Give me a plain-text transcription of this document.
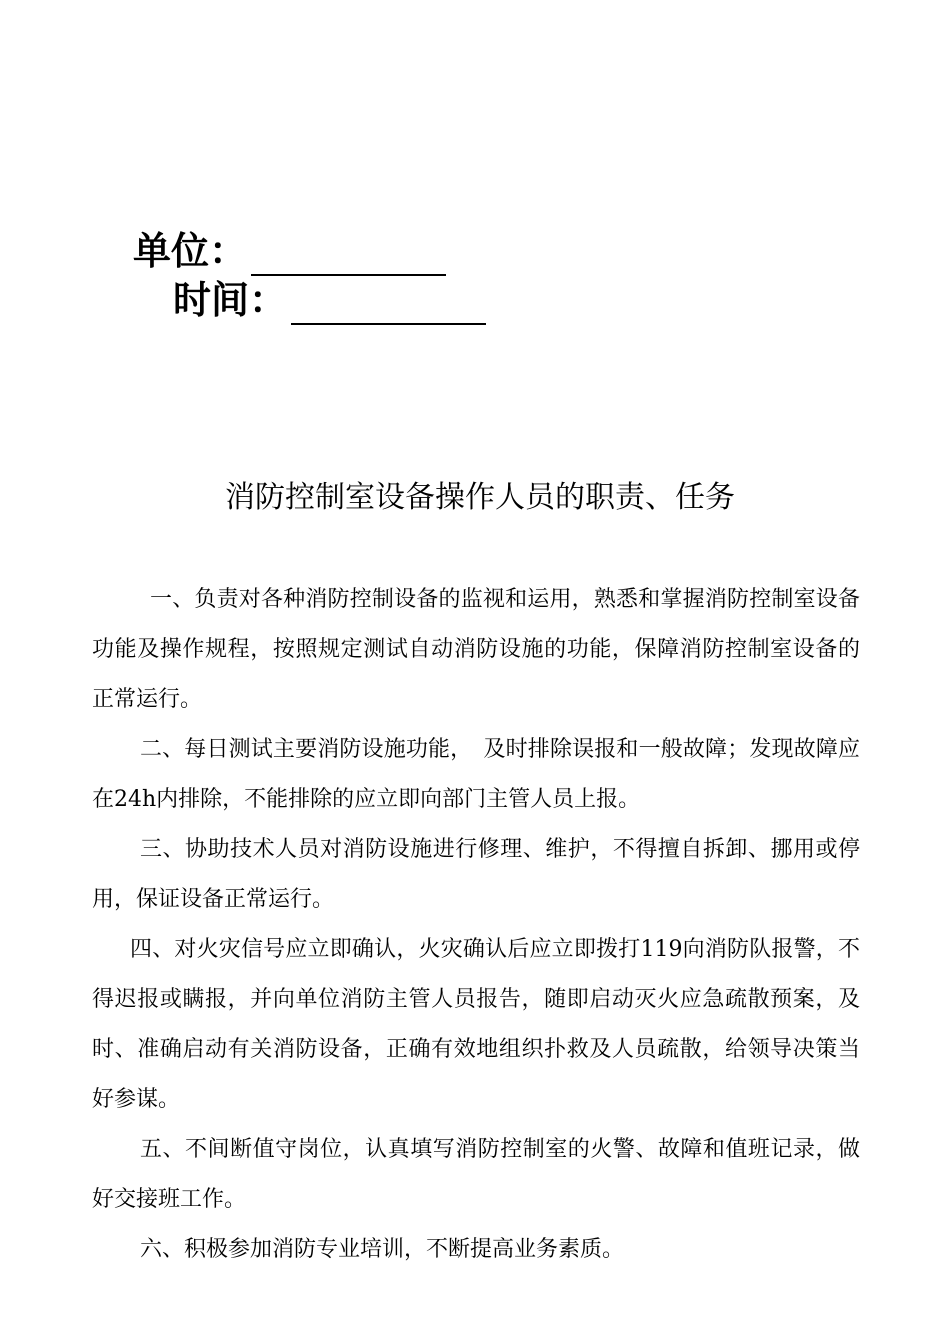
单位：
时间：
消防控制室设备操作人员的职责、任务

一、负责对各种消防控制设备的监视和运用，熟悉和掌握消防控制室设备功能及操作规程，按照规定测试自动消防设施的功能，保障消防控制室设备的正常运行。

二、每日测试主要消防设施功能，　及时排除误报和一般故障；发现故障应在24h内排除，不能排除的应立即向部门主管人员上报。

三、协助技术人员对消防设施进行修理、维护，不得擅自拆卸、挪用或停用，保证设备正常运行。

四、对火灾信号应立即确认，火灾确认后应立即拨打119向消防队报警，不得迟报或瞒报，并向单位消防主管人员报告，随即启动灭火应急疏散预案，及时、准确启动有关消防设备，正确有效地组织扑救及人员疏散，给领导决策当好参谋。

五、不间断值守岗位，认真填写消防控制室的火警、故障和值班记录，做好交接班工作。

六、积极参加消防专业培训，不断提高业务素质。
